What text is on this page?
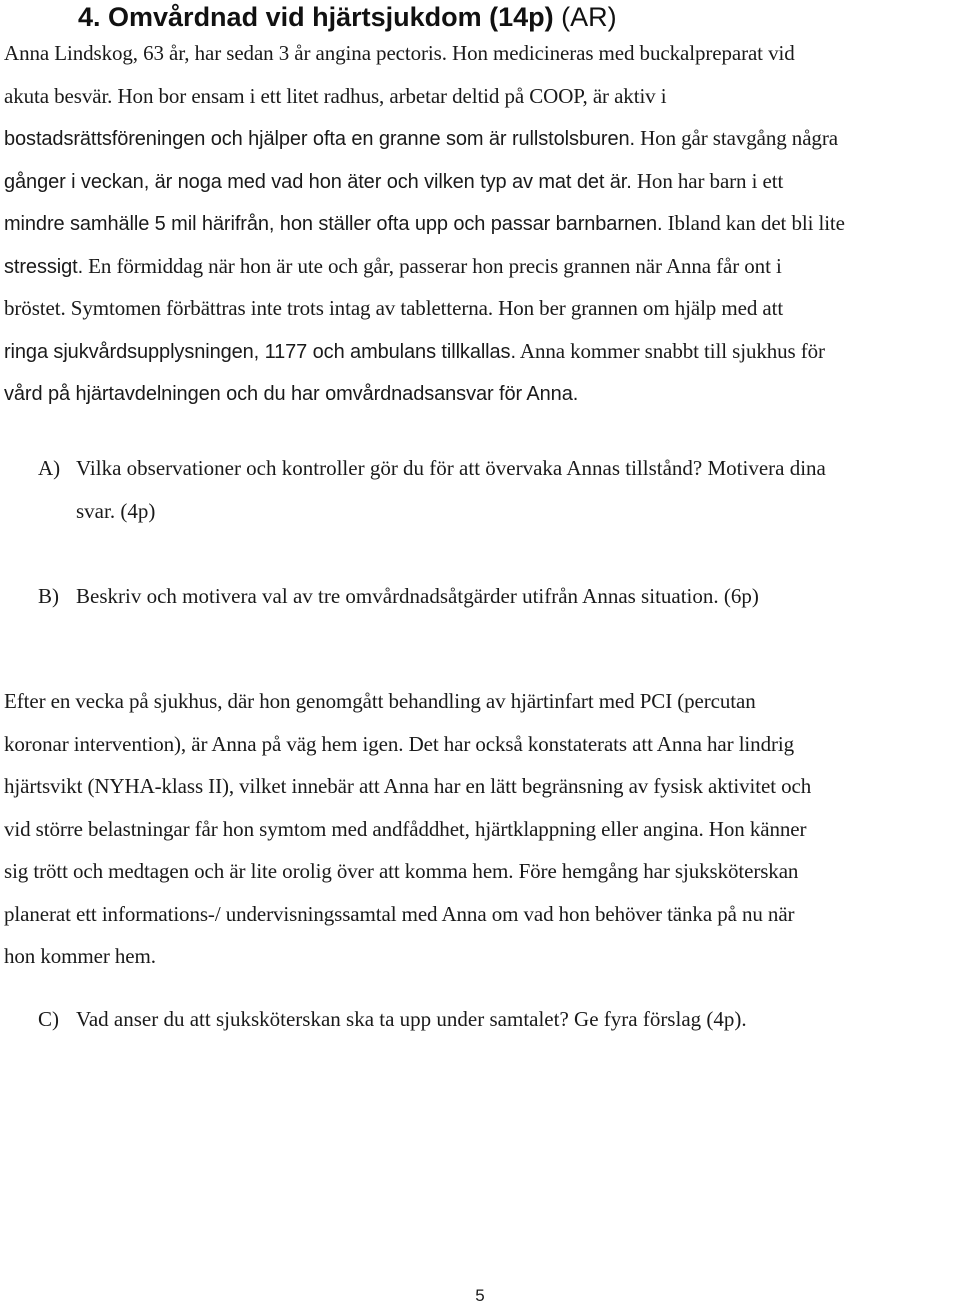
4. Omvårdnad vid hjärtsjukdom (14p) (AR)
Anna Lindskog, 63 år, har sedan 3 år angina pectoris. Hon medicineras med buckalpreparat vid
akuta besvär. Hon bor ensam i ett litet radhus, arbetar deltid på COOP, är aktiv i
bostadsrättsföreningen och hjälper ofta en granne som är rullstolsburen. Hon går stavgång några
gånger i veckan, är noga med vad hon äter och vilken typ av mat det är. Hon har barn i ett
mindre samhälle 5 mil härifrån, hon ställer ofta upp och passar barnbarnen. Ibland kan det bli lite
stressigt. En förmiddag när hon är ute och går, passerar hon precis grannen när Anna får ont i
bröstet. Symtomen förbättras inte trots intag av tabletterna. Hon ber grannen om hjälp med att
ringa sjukvårdsupplysningen, 1177 och ambulans tillkallas. Anna kommer snabbt till sjukhus för
vård på hjärtavdelningen och du har omvårdnadsansvar för Anna.
A) Vilka observationer och kontroller gör du för att övervaka Annas tillstånd? Motivera dina
svar. (4p)
B) Beskriv och motivera val av tre omvårdnadsåtgärder utifrån Annas situation. (6p)
Efter en vecka på sjukhus, där hon genomgått behandling av hjärtinfart med PCI (percutan
koronar intervention), är Anna på väg hem igen. Det har också konstaterats att Anna har lindrig
hjärtsvikt (NYHA-klass II), vilket innebär att Anna har en lätt begränsning av fysisk aktivitet och
vid större belastningar får hon symtom med andfåddhet, hjärtklappning eller angina. Hon känner
sig trött och medtagen och är lite orolig över att komma hem. Före hemgång har sjuksköterskan
planerat ett informations-/ undervisningssamtal med Anna om vad hon behöver tänka på nu när
hon kommer hem.
C) Vad anser du att sjuksköterskan ska ta upp under samtalet? Ge fyra förslag (4p).
5
